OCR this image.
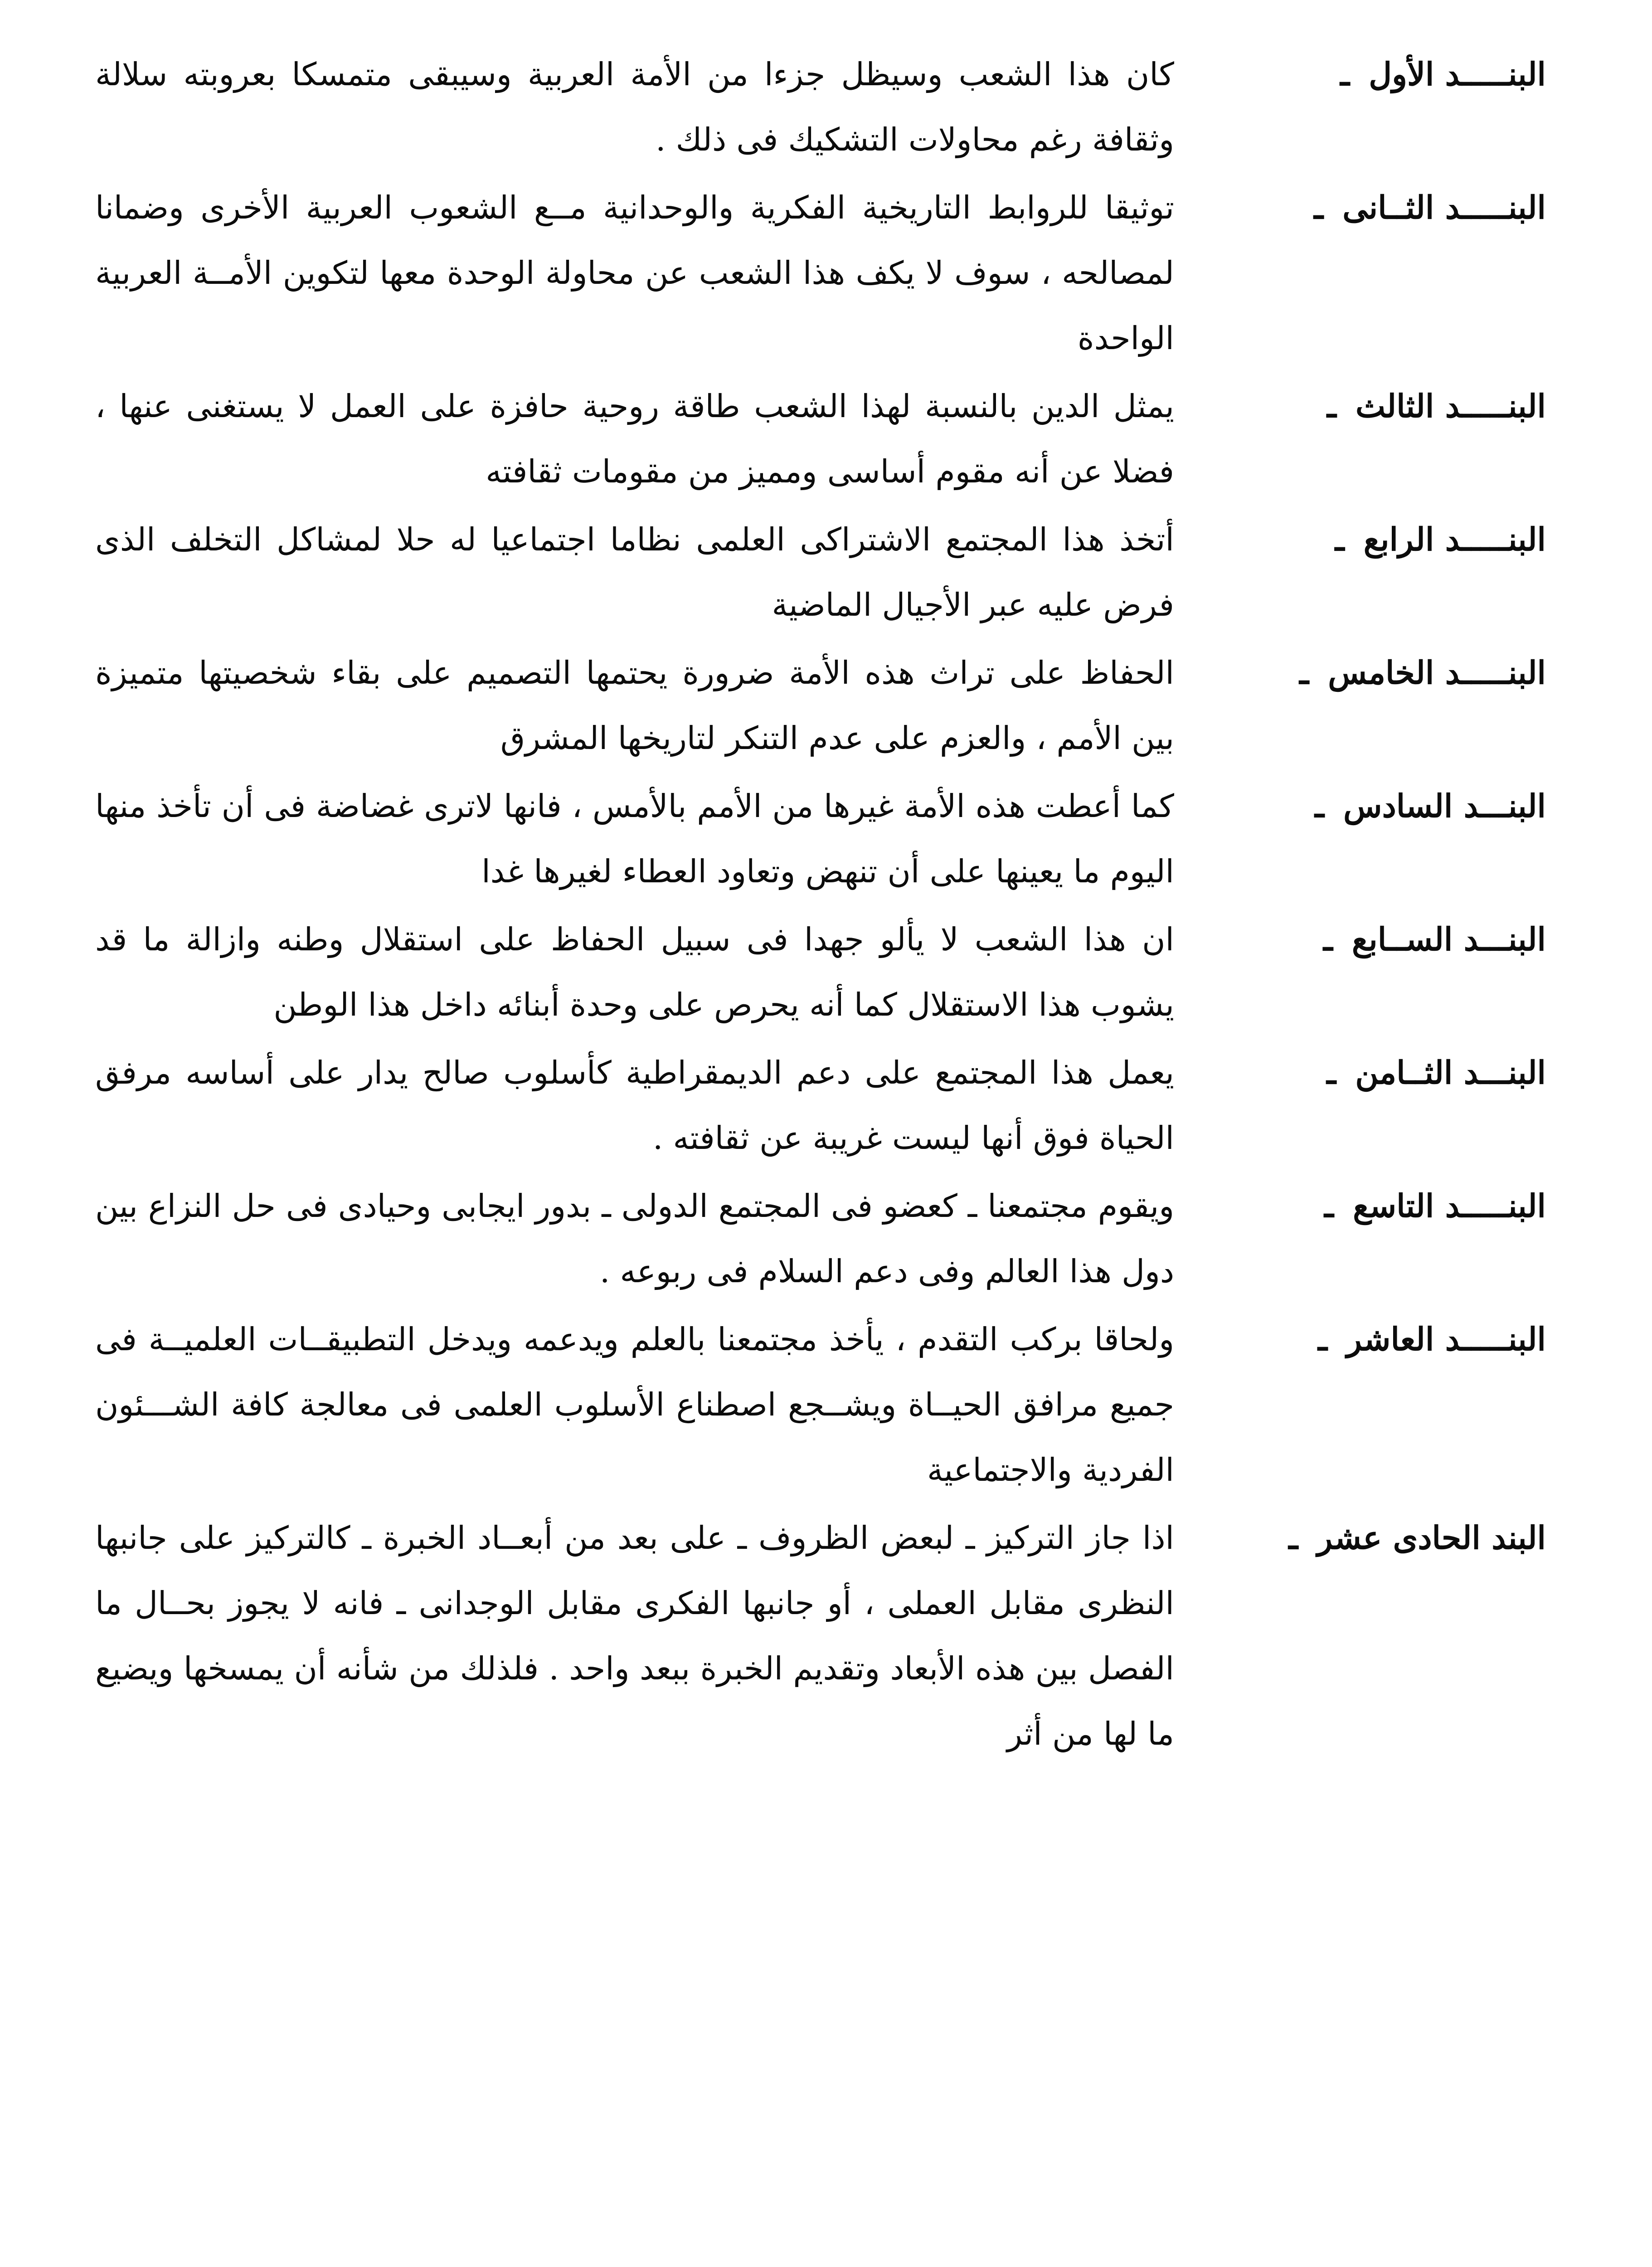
البنـــــد الأول ـ
كان هذا الشعب وسيظل جزءا من الأمة العربية وسيبقى متمسكا بعروبته سلالة وثقافة رغم محاولات التشكيك فى ذلك .
البنـــــد الثــانى ـ
توثيقا للروابط التاريخية الفكرية والوحدانية مــع الشعوب العربية الأخرى وضمانا لمصالحه ، سوف لا يكف هذا الشعب عن محاولة الوحدة معها لتكوين الأمــة العربية الواحدة
البنـــــد الثالث ـ
يمثل الدين بالنسبة لهذا الشعب طاقة روحية حافزة على العمل لا يستغنى عنها ، فضلا عن أنه مقوم أساسى ومميز من مقومات ثقافته
البنـــــد الرابع ـ
أتخذ هذا المجتمع الاشتراكى العلمى نظاما اجتماعيا له حلا لمشاكل التخلف الذى فرض عليه عبر الأجيال الماضية
البنـــــد الخامس ـ
الحفاظ على تراث هذه الأمة ضرورة يحتمها التصميم على بقاء شخصيتها متميزة بين الأمم ، والعزم على عدم التنكر لتاريخها المشرق
البنـــد السادس ـ
كما أعطت هذه الأمة غيرها من الأمم بالأمس ، فانها لاترى غضاضة فى أن تأخذ منها اليوم ما يعينها على أن تنهض وتعاود العطاء لغيرها غدا
البنـــد الســابع ـ
ان هذا الشعب لا يألو جهدا فى سبيل الحفاظ على استقلال وطنه وازالة ما قد يشوب هذا الاستقلال كما أنه يحرص على وحدة أبنائه داخل هذا الوطن
البنـــد الثــامن ـ
يعمل هذا المجتمع على دعم الديمقراطية كأسلوب صالح يدار على أساسه مرفق الحياة فوق أنها ليست غريبة عن ثقافته .
البنـــــد التاسع ـ
ويقوم مجتمعنا ـ كعضو فى المجتمع الدولى ـ بدور ايجابى وحيادى فى حل النزاع بين دول هذا العالم وفى دعم السلام فى ربوعه .
البنـــــد العاشر ـ
ولحاقا بركب التقدم ، يأخذ مجتمعنا بالعلم ويدعمه ويدخل التطبيقــات العلميــة فى جميع مرافق الحيــاة ويشــجع اصطناع الأسلوب العلمى فى معالجة كافة الشـــئون الفردية والاجتماعية
البند الحادى عشر ـ
اذا جاز التركيز ـ لبعض الظروف ـ على بعد من أبعــاد الخبرة ـ كالتركيز على جانبها النظرى مقابل العملى ، أو جانبها الفكرى مقابل الوجدانى ـ فانه لا يجوز بحــال ما الفصل بين هذه الأبعاد وتقديم الخبرة ببعد واحد . فلذلك من شأنه أن يمسخها ويضيع ما لها من أثر
